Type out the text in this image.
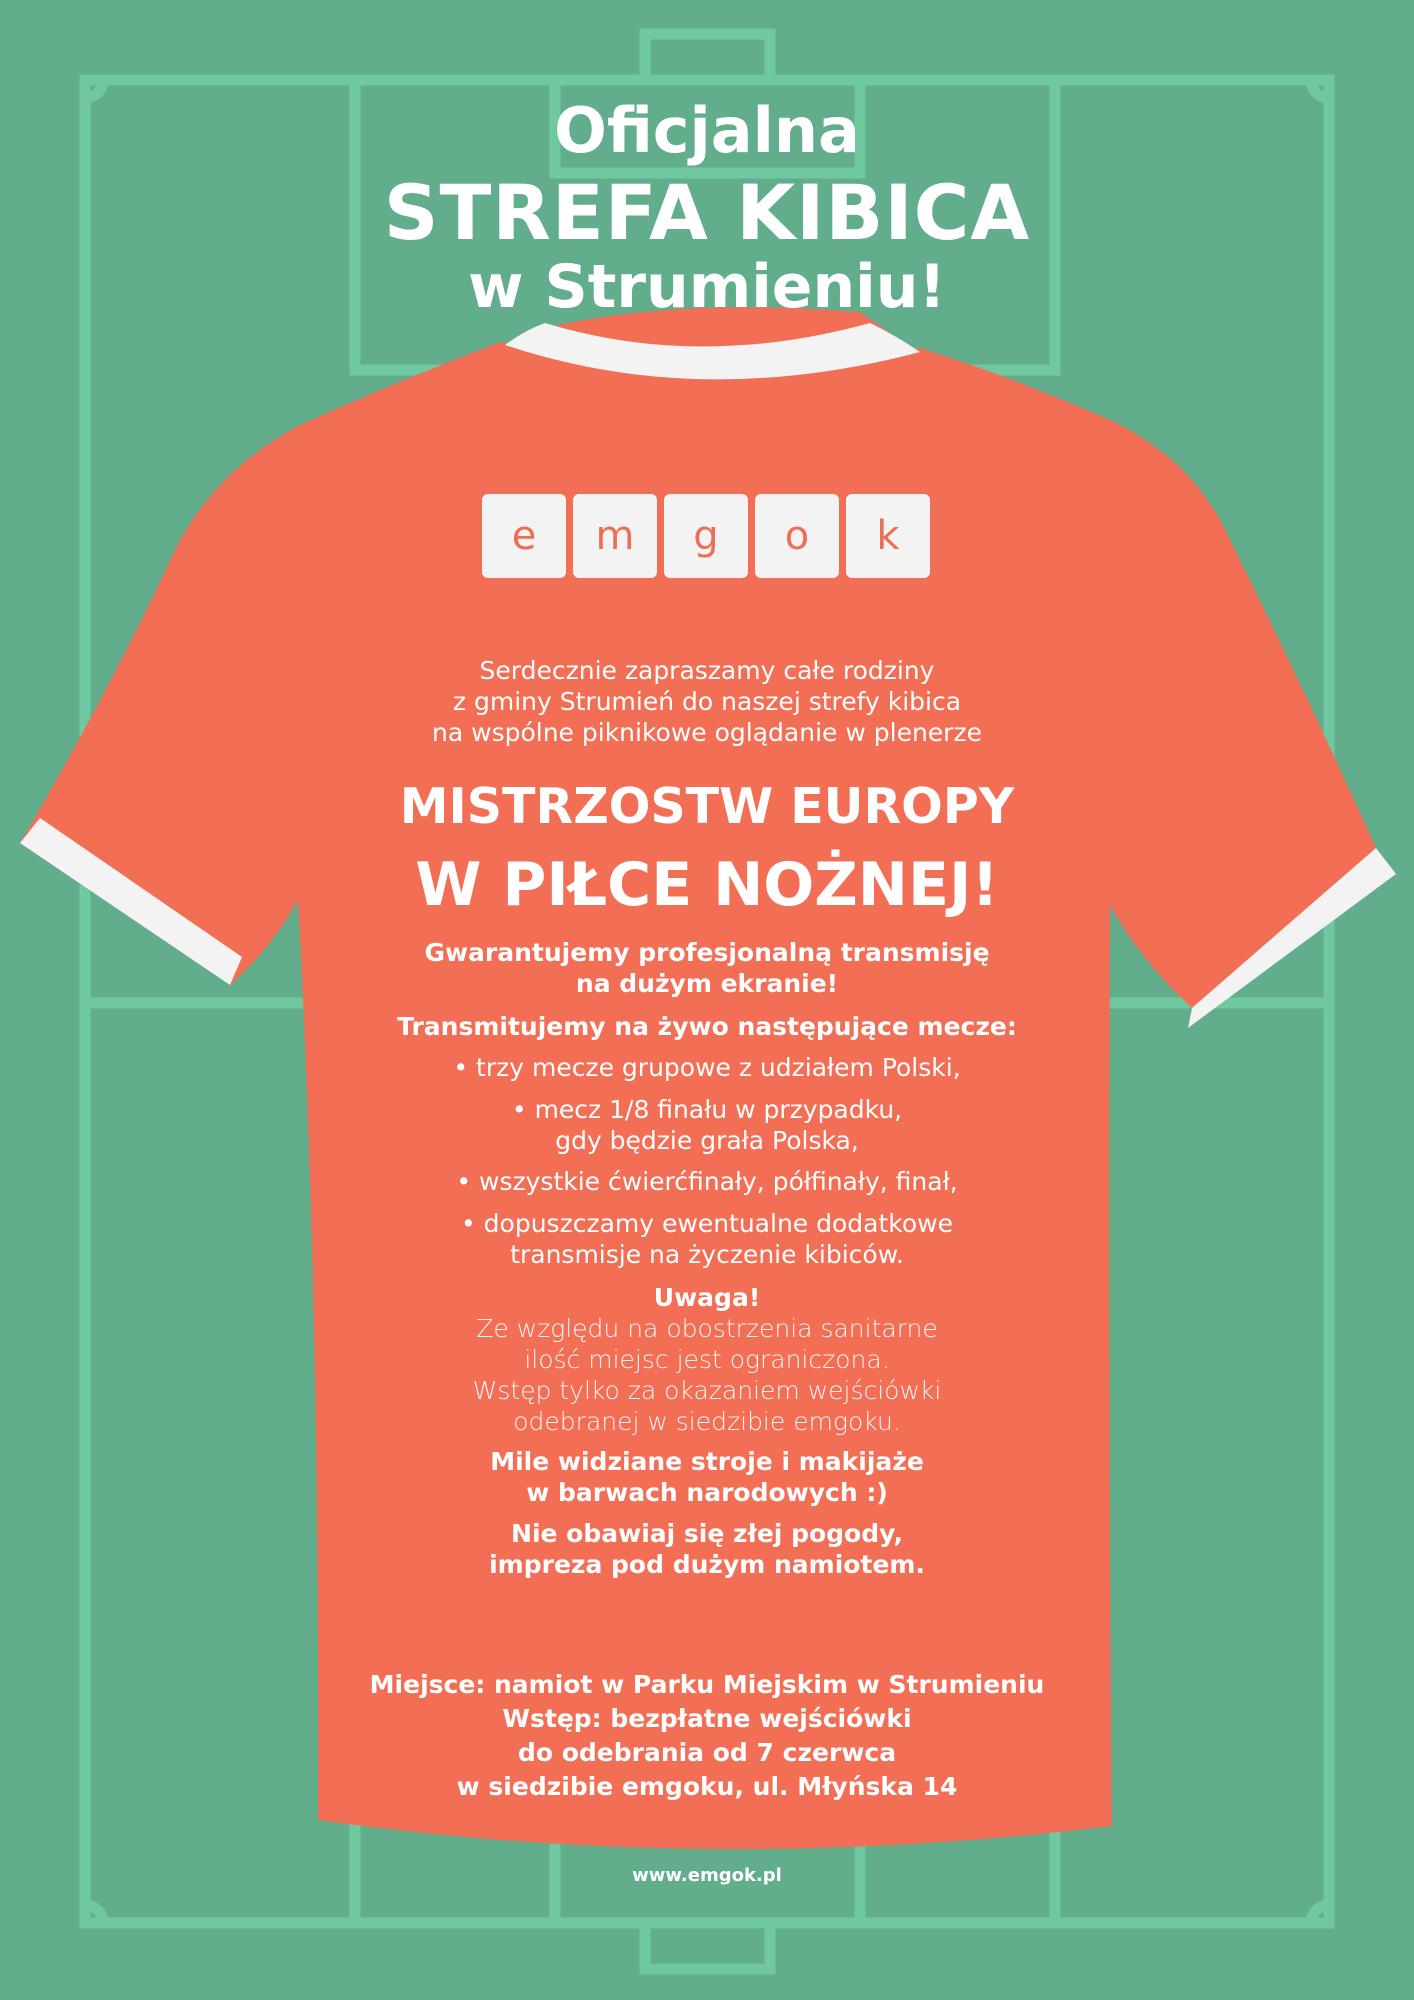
Oficjalna
STREFA KIBICA
w Strumieniu!
e	m	g	o	k
Serdecznie zapraszamy całe rodziny
z gminy Strumień do naszej strefy kibica
na wspólne piknikowe oglądanie w plenerze
MISTRZOSTW EUROPY
W PIŁCE NOŻNEJ!
Gwarantujemy profesjonalną transmisję
na dużym ekranie!
Transmitujemy na żywo następujące mecze:
• trzy mecze grupowe z udziałem Polski,
• mecz 1/8 finału w przypadku,
gdy będzie grała Polska,
• wszystkie ćwierćfinały, półfinały, finał,
• dopuszczamy ewentualne dodatkowe
transmisje na życzenie kibiców.
Uwaga!
Ze względu na obostrzenia sanitarne
ilość miejsc jest ograniczona.
Wstęp tylko za okazaniem wejściówki
odebranej w siedzibie emgoku.
Mile widziane stroje i makijaże
w barwach narodowych :)
Nie obawiaj się złej pogody,
impreza pod dużym namiotem.
Miejsce: namiot w Parku Miejskim w Strumieniu
Wstęp: bezpłatne wejściówki
do odebrania od 7 czerwca
w siedzibie emgoku, ul. Młyńska 14
www.emgok.pl
